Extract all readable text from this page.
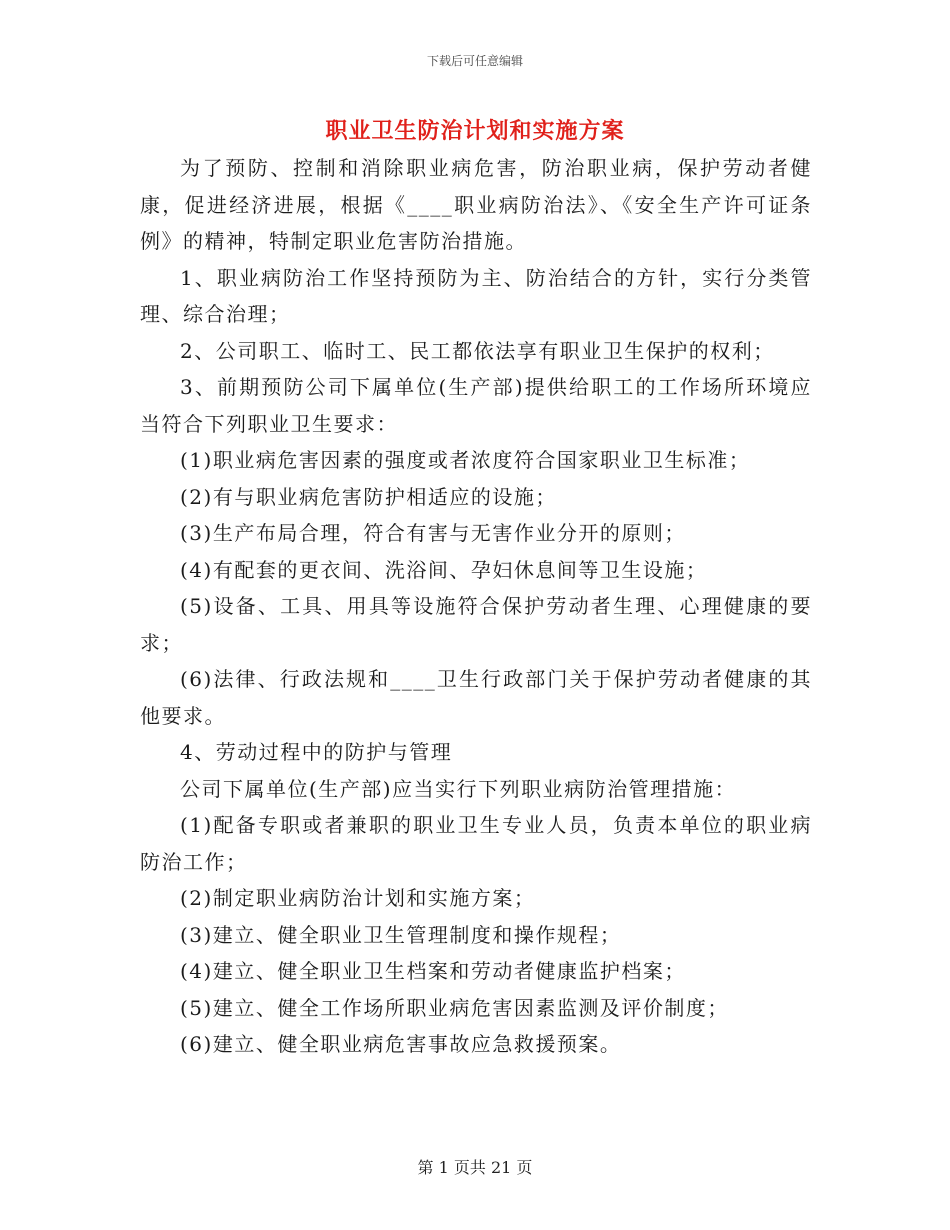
下载后可任意编辑
职业卫生防治计划和实施方案

为了预防、控制和消除职业病危害，防治职业病，保护劳动者健康，促进经济进展，根据《____职业病防治法》、《安全生产许可证条例》的精神，特制定职业危害防治措施。

1、职业病防治工作坚持预防为主、防治结合的方针，实行分类管理、综合治理；

2、公司职工、临时工、民工都依法享有职业卫生保护的权利；

3、前期预防公司下属单位(生产部)提供给职工的工作场所环境应当符合下列职业卫生要求：

(1)职业病危害因素的强度或者浓度符合国家职业卫生标准；

(2)有与职业病危害防护相适应的设施；

(3)生产布局合理，符合有害与无害作业分开的原则；

(4)有配套的更衣间、洗浴间、孕妇休息间等卫生设施；

(5)设备、工具、用具等设施符合保护劳动者生理、心理健康的要求；

(6)法律、行政法规和____卫生行政部门关于保护劳动者健康的其他要求。

4、劳动过程中的防护与管理

公司下属单位(生产部)应当实行下列职业病防治管理措施：

(1)配备专职或者兼职的职业卫生专业人员，负责本单位的职业病防治工作；

(2)制定职业病防治计划和实施方案；

(3)建立、健全职业卫生管理制度和操作规程；

(4)建立、健全职业卫生档案和劳动者健康监护档案；

(5)建立、健全工作场所职业病危害因素监测及评价制度；

(6)建立、健全职业病危害事故应急救援预案。

第 1 页共 21 页
